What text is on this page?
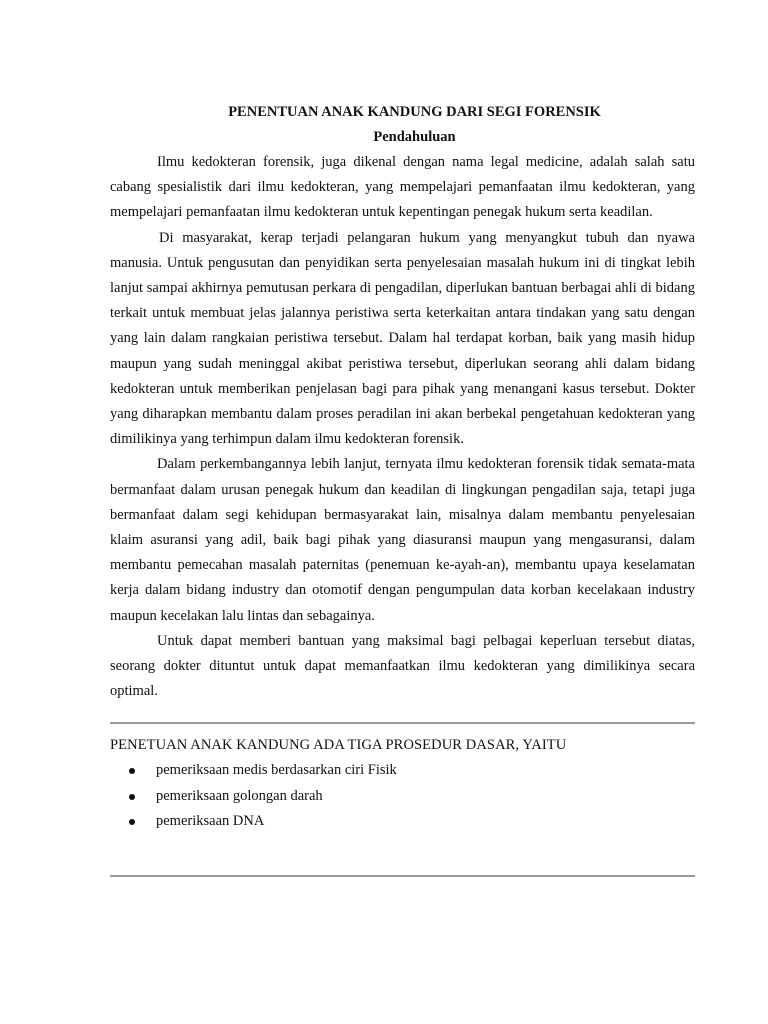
PENENTUAN ANAK KANDUNG DARI SEGI FORENSIK
Pendahuluan

Ilmu kedokteran forensik, juga dikenal dengan nama legal medicine, adalah salah satu cabang spesialistik dari ilmu kedokteran, yang mempelajari pemanfaatan ilmu kedokteran, yang mempelajari pemanfaatan ilmu kedokteran untuk kepentingan penegak hukum serta keadilan.

Di masyarakat, kerap terjadi pelangaran hukum yang menyangkut tubuh dan nyawa manusia. Untuk pengusutan dan penyidikan serta penyelesaian masalah hukum ini di tingkat lebih lanjut sampai akhirnya pemutusan perkara di pengadilan, diperlukan bantuan berbagai ahli di bidang terkait untuk membuat jelas jalannya peristiwa serta keterkaitan antara tindakan yang satu dengan yang lain dalam rangkaian peristiwa tersebut. Dalam hal terdapat korban, baik yang masih hidup maupun yang sudah meninggal akibat peristiwa tersebut, diperlukan seorang ahli dalam bidang kedokteran untuk memberikan penjelasan bagi para pihak yang menangani kasus tersebut. Dokter yang diharapkan membantu dalam proses peradilan ini akan berbekal pengetahuan kedokteran yang dimilikinya yang terhimpun dalam ilmu kedokteran forensik.

Dalam perkembangannya lebih lanjut, ternyata ilmu kedokteran forensik tidak semata-mata bermanfaat dalam urusan penegak hukum dan keadilan di lingkungan pengadilan saja, tetapi juga bermanfaat dalam segi kehidupan bermasyarakat lain, misalnya dalam membantu penyelesaian klaim asuransi yang adil, baik bagi pihak yang diasuransi maupun yang mengasuransi, dalam membantu pemecahan masalah paternitas (penemuan ke-ayah-an), membantu upaya keselamatan kerja dalam bidang industry dan otomotif dengan pengumpulan data korban kecelakaan industry maupun kecelakan lalu lintas dan sebagainya.

Untuk dapat memberi bantuan yang maksimal bagi pelbagai keperluan tersebut diatas, seorang dokter dituntut untuk dapat memanfaatkan ilmu kedokteran yang dimilikinya secara optimal.

PENETUAN ANAK KANDUNG ADA TIGA PROSEDUR DASAR, YAITU
pemeriksaan medis berdasarkan ciri Fisik
pemeriksaan golongan darah
pemeriksaan DNA
